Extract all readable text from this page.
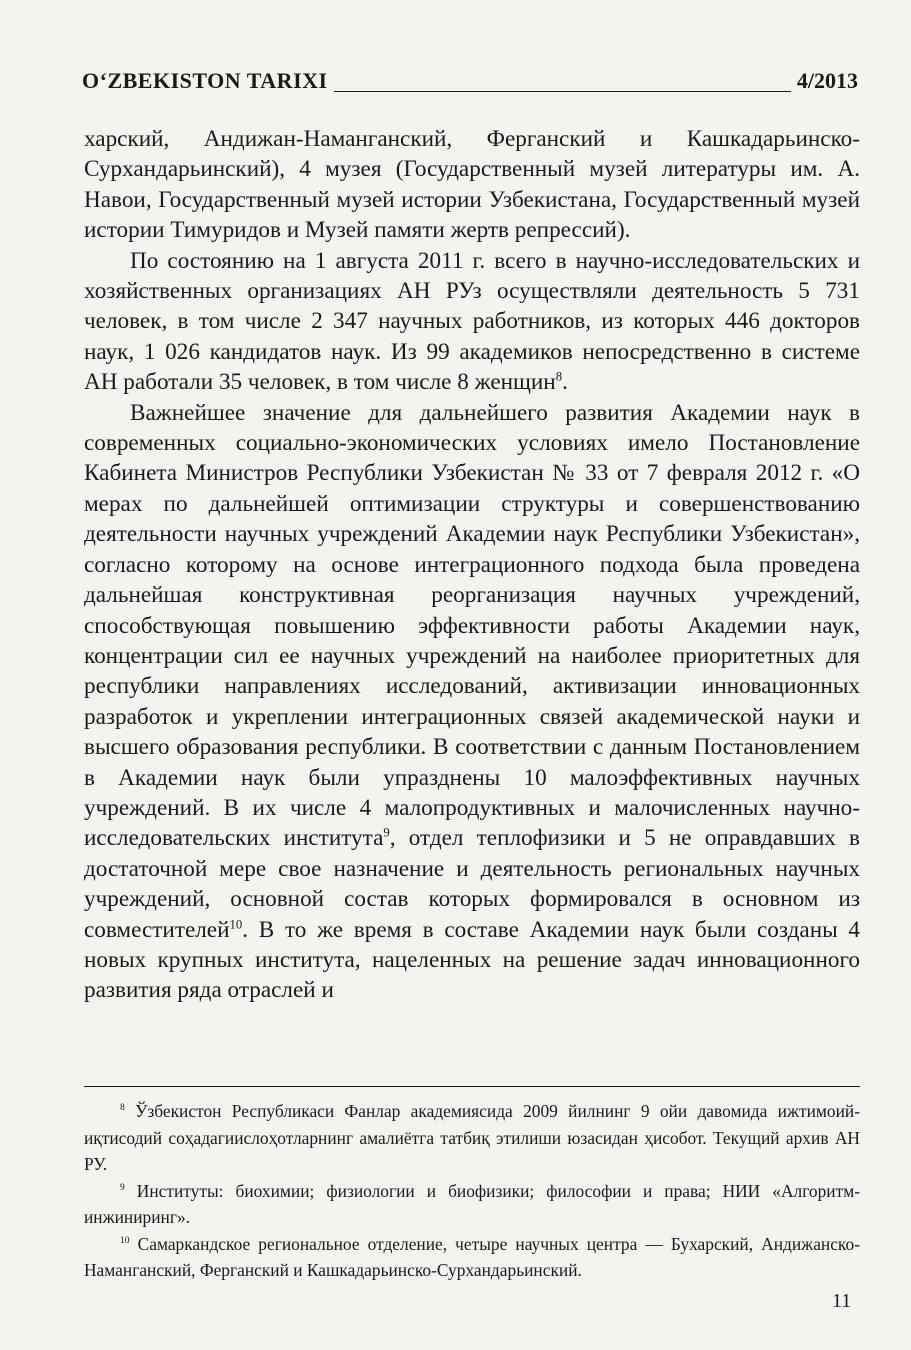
O‘ZBEKISTON TARIXI	4/2013

харский, Андижан-Наманганский, Ферганский и Кашкадарьинско-Сурхандарьинский), 4 музея (Государственный музей литературы им. А. Навои, Государственный музей истории Узбекистана, Государственный музей истории Тимуридов и Музей памяти жертв репрессий).

По состоянию на 1 августа 2011 г. всего в научно-исследовательских и хозяйственных организациях АН РУз осуществляли деятельность 5 731 человек, в том числе 2 347 научных работников, из которых 446 докторов наук, 1 026 кандидатов наук. Из 99 академиков непосредственно в системе АН работали 35 человек, в том числе 8 женщин$^8$.

Важнейшее значение для дальнейшего развития Академии наук в современных социально-экономических условиях имело Постановление Кабинета Министров Республики Узбекистан № 33 от 7 февраля 2012 г. «О мерах по дальнейшей оптимизации структуры и совершенствованию деятельности научных учреждений Академии наук Республики Узбекистан», согласно которому на основе интеграционного подхода была проведена дальнейшая конструктивная реорганизация научных учреждений, способствующая повышению эффективности работы Академии наук, концентрации сил ее научных учреждений на наиболее приоритетных для республики направлениях исследований, активизации инновационных разработок и укреплении интеграционных связей академической науки и высшего образования республики. В соответствии с данным Постановлением в Академии наук были упразднены 10 малоэффективных научных учреждений. В их числе 4 малопродуктивных и малочисленных научно-исследовательских института$^9$, отдел теплофизики и 5 не оправдавших в достаточной мере свое назначение и деятельность региональных научных учреждений, основной состав которых формировался в основном из совместителей$^{10}$. В то же время в составе Академии наук были созданы 4 новых крупных института, нацеленных на решение задач инновационного развития ряда отраслей и

$^8$ Ўзбекистон Республикаси Фанлар академиясида 2009 йилнинг 9 ойи давомида ижтимоий-иқтисодий соҳадагиислоҳотларнинг амалиётга татбиқ этилиши юзасидан ҳисобот. Текущий архив АН РУ.

$^9$ Институты: биохимии; физиологии и биофизики; философии и права; НИИ «Алгоритм-инжиниринг».

$^{10}$ Самаркандское региональное отделение, четыре научных центра — Бухарский, Андижанско-Наманганский, Ферганский и Кашкадарьинско-Сурхандарьинский.

11
